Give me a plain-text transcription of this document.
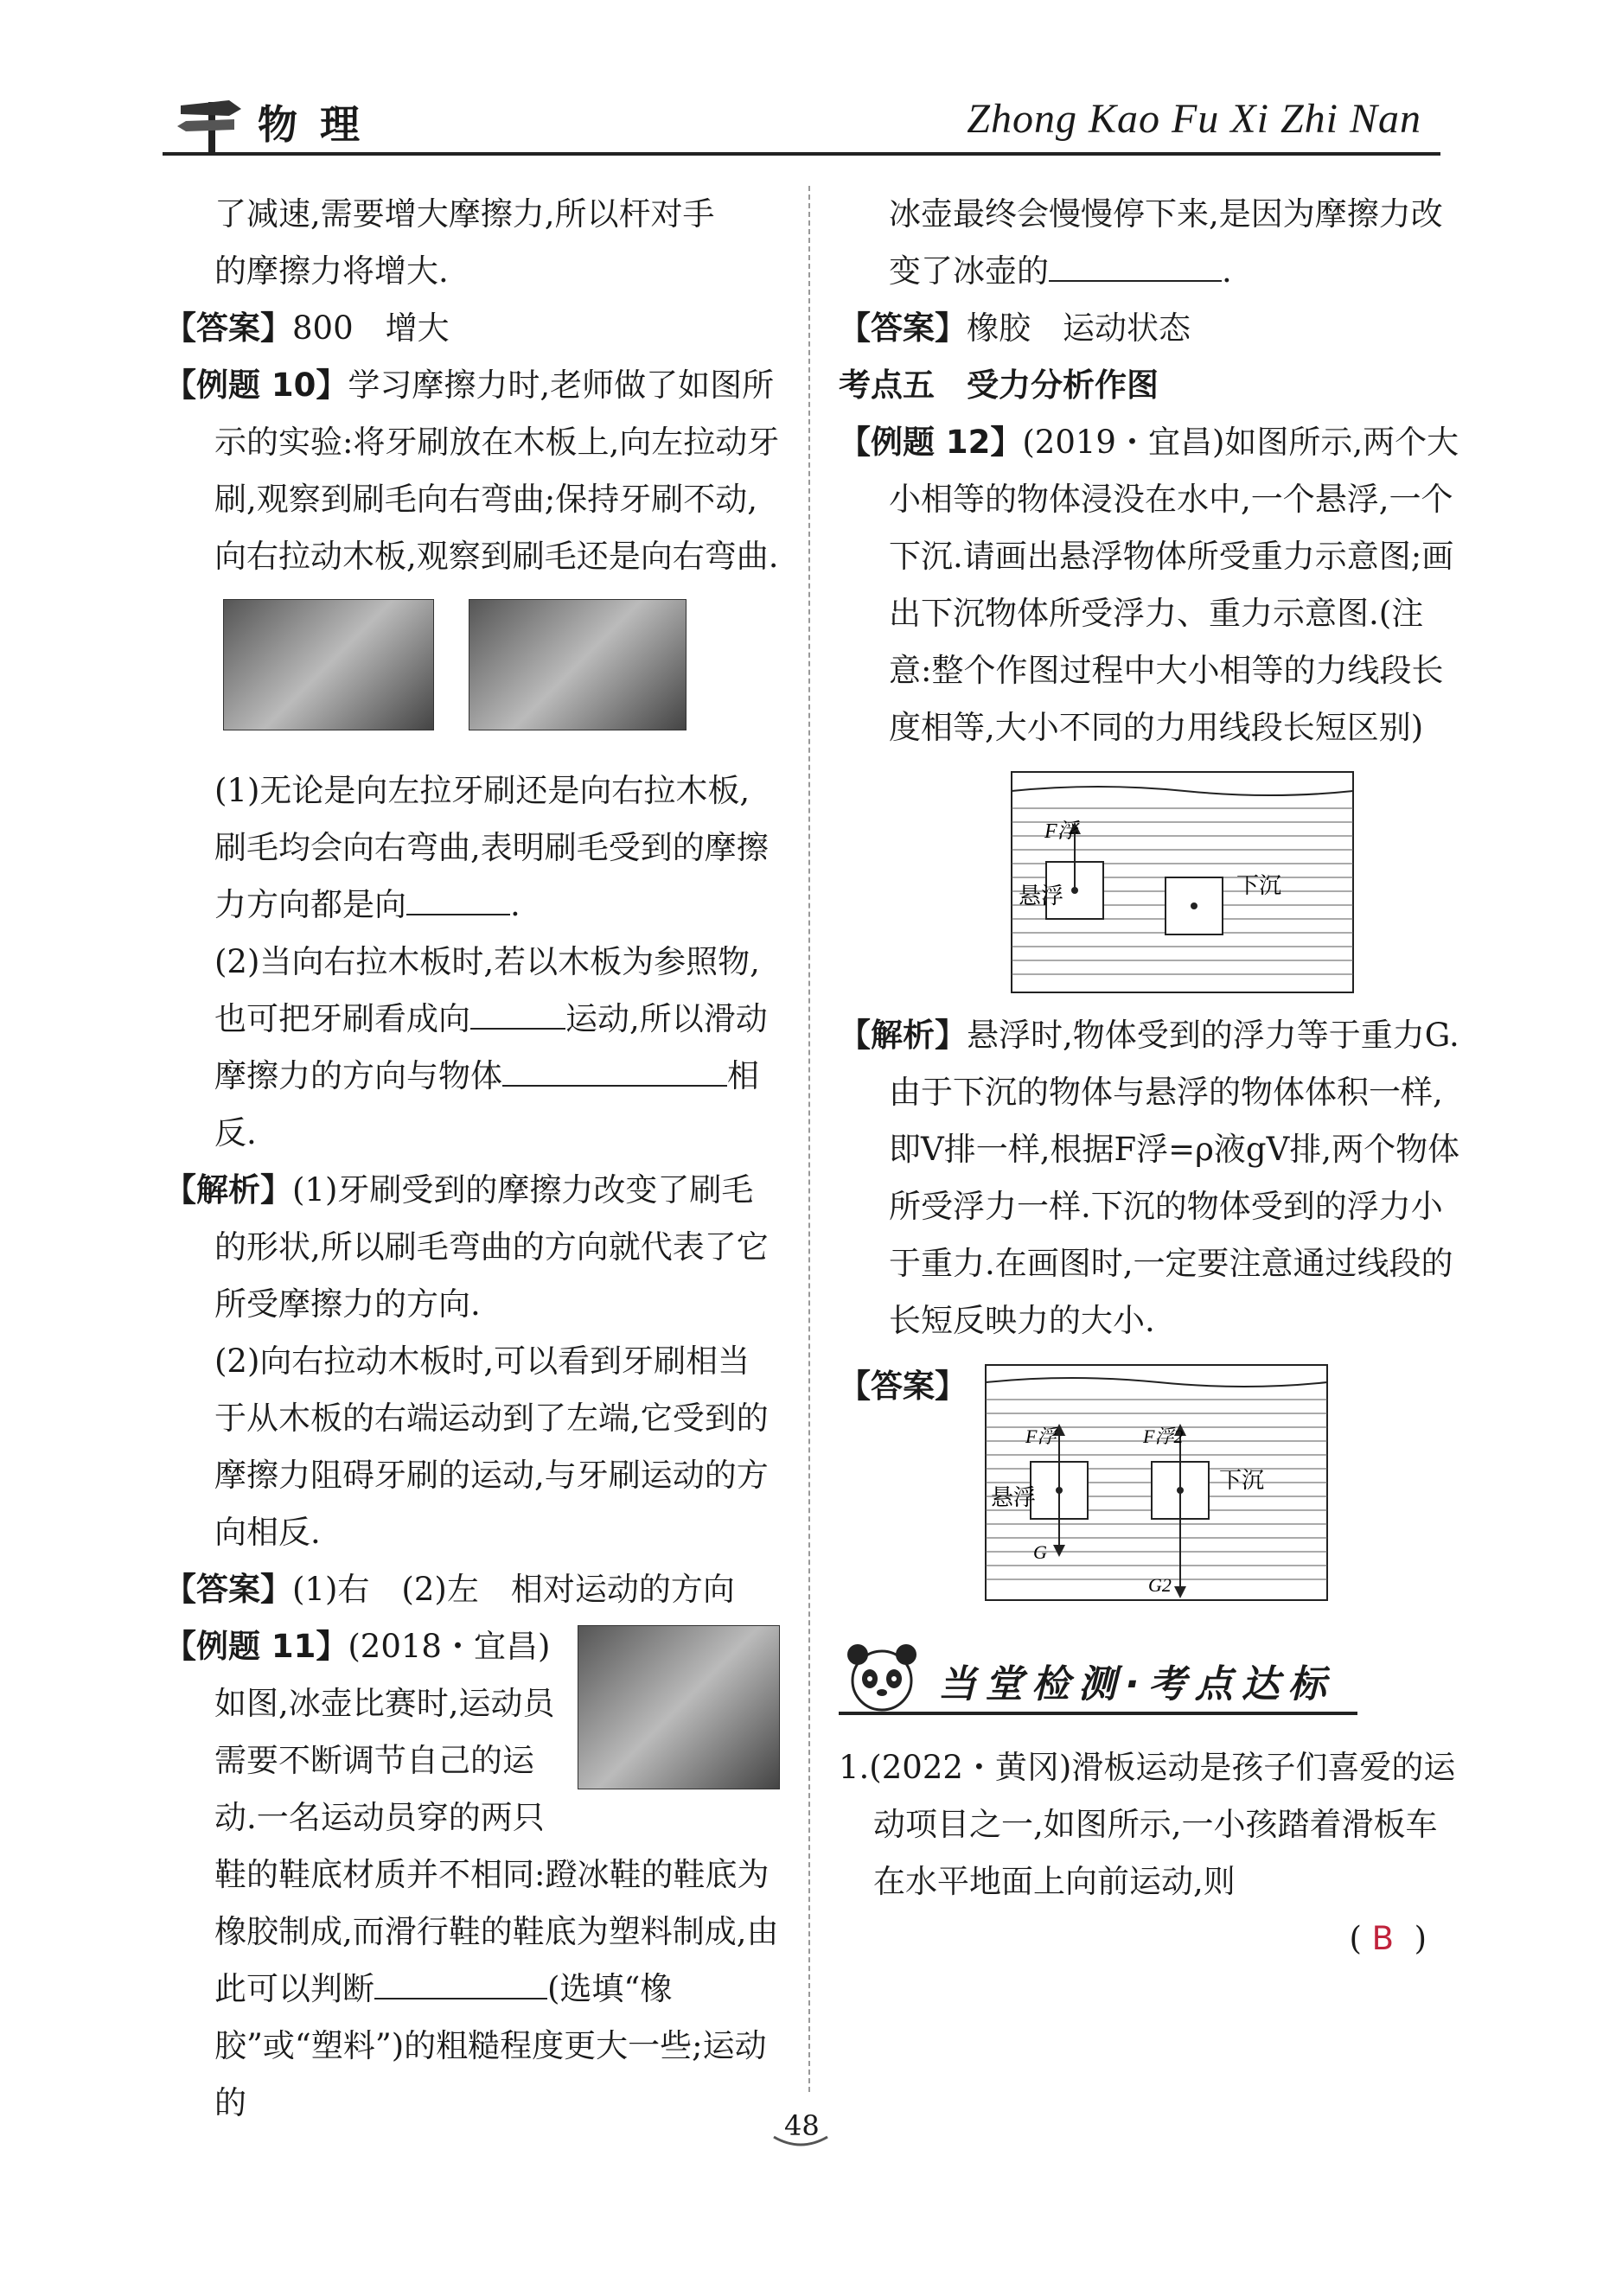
物理	Zhong Kao Fu Xi Zhi Nan

了减速,需要增大摩擦力,所以杆对手
的摩擦力将增大.

【答案】800　增大

【例题 10】学习摩擦力时,老师做了如图所示的实验:将牙刷放在木板上,向左拉动牙刷,观察到刷毛向右弯曲;保持牙刷不动,向右拉动木板,观察到刷毛还是向右弯曲.

(1)无论是向左拉牙刷还是向右拉木板,刷毛均会向右弯曲,表明刷毛受到的摩擦力方向都是向	.

(2)当向右拉木板时,若以木板为参照物,也可把牙刷看成向	运动,所以滑动摩擦力的方向与物体	相反.

【解析】(1)牙刷受到的摩擦力改变了刷毛的形状,所以刷毛弯曲的方向就代表了它所受摩擦力的方向.

(2)向右拉动木板时,可以看到牙刷相当于从木板的右端运动到了左端,它受到的摩擦力阻碍牙刷的运动,与牙刷运动的方向相反.

【答案】(1)右　(2)左　相对运动的方向

【例题 11】(2018・宜昌)如图,冰壶比赛时,运动员需要不断调节自己的运动.一名运动员穿的两只鞋的鞋底材质并不相同:蹬冰鞋的鞋底为橡胶制成,而滑行鞋的鞋底为塑料制成,由此可以判断	(选填“橡胶”或“塑料”)的粗糙程度更大一些;运动的

冰壶最终会慢慢停下来,是因为摩擦力改变了冰壶的	.

【答案】橡胶　运动状态

考点五　受力分析作图

【例题 12】(2019・宜昌)如图所示,两个大小相等的物体浸没在水中,一个悬浮,一个下沉.请画出悬浮物体所受重力示意图;画出下沉物体所受浮力、重力示意图.(注意:整个作图过程中大小相等的力线段长度相等,大小不同的力用线段长短区别)

F浮
悬浮	下沉

【解析】悬浮时,物体受到的浮力等于重力G.由于下沉的物体与悬浮的物体体积一样,即V排一样,根据F浮=ρ液gV排,两个物体所受浮力一样.下沉的物体受到的浮力小于重力.在画图时,一定要注意通过线段的长短反映力的大小.

【答案】
F浮
G
悬浮
F浮2
G2
下沉
当堂检测·考点达标

1.(2022・黄冈)滑板运动是孩子们喜爱的运动项目之一,如图所示,一小孩踏着滑板车在水平地面上向前运动,则

( B )

48
